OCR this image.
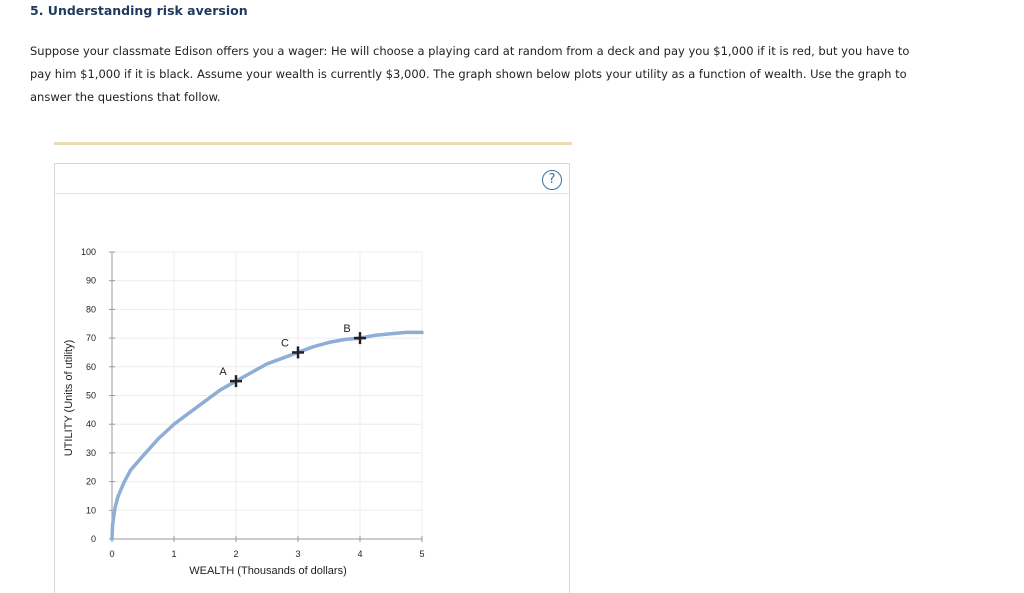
5. Understanding risk aversion
Suppose your classmate Edison offers you a wager: He will choose a playing card at random from a deck and pay you $1,000 if it is red, but you have to pay him $1,000 if it is black. Assume your wealth is currently $3,000. The graph shown below plots your utility as a function of wealth. Use the graph to answer the questions that follow.
?
0
10
20
30
40
50
60
70
80
90
100
0	1	2	3	4	5
A
C
B
WEALTH (Thousands of dollars)
UTILITY (Units of utility)
